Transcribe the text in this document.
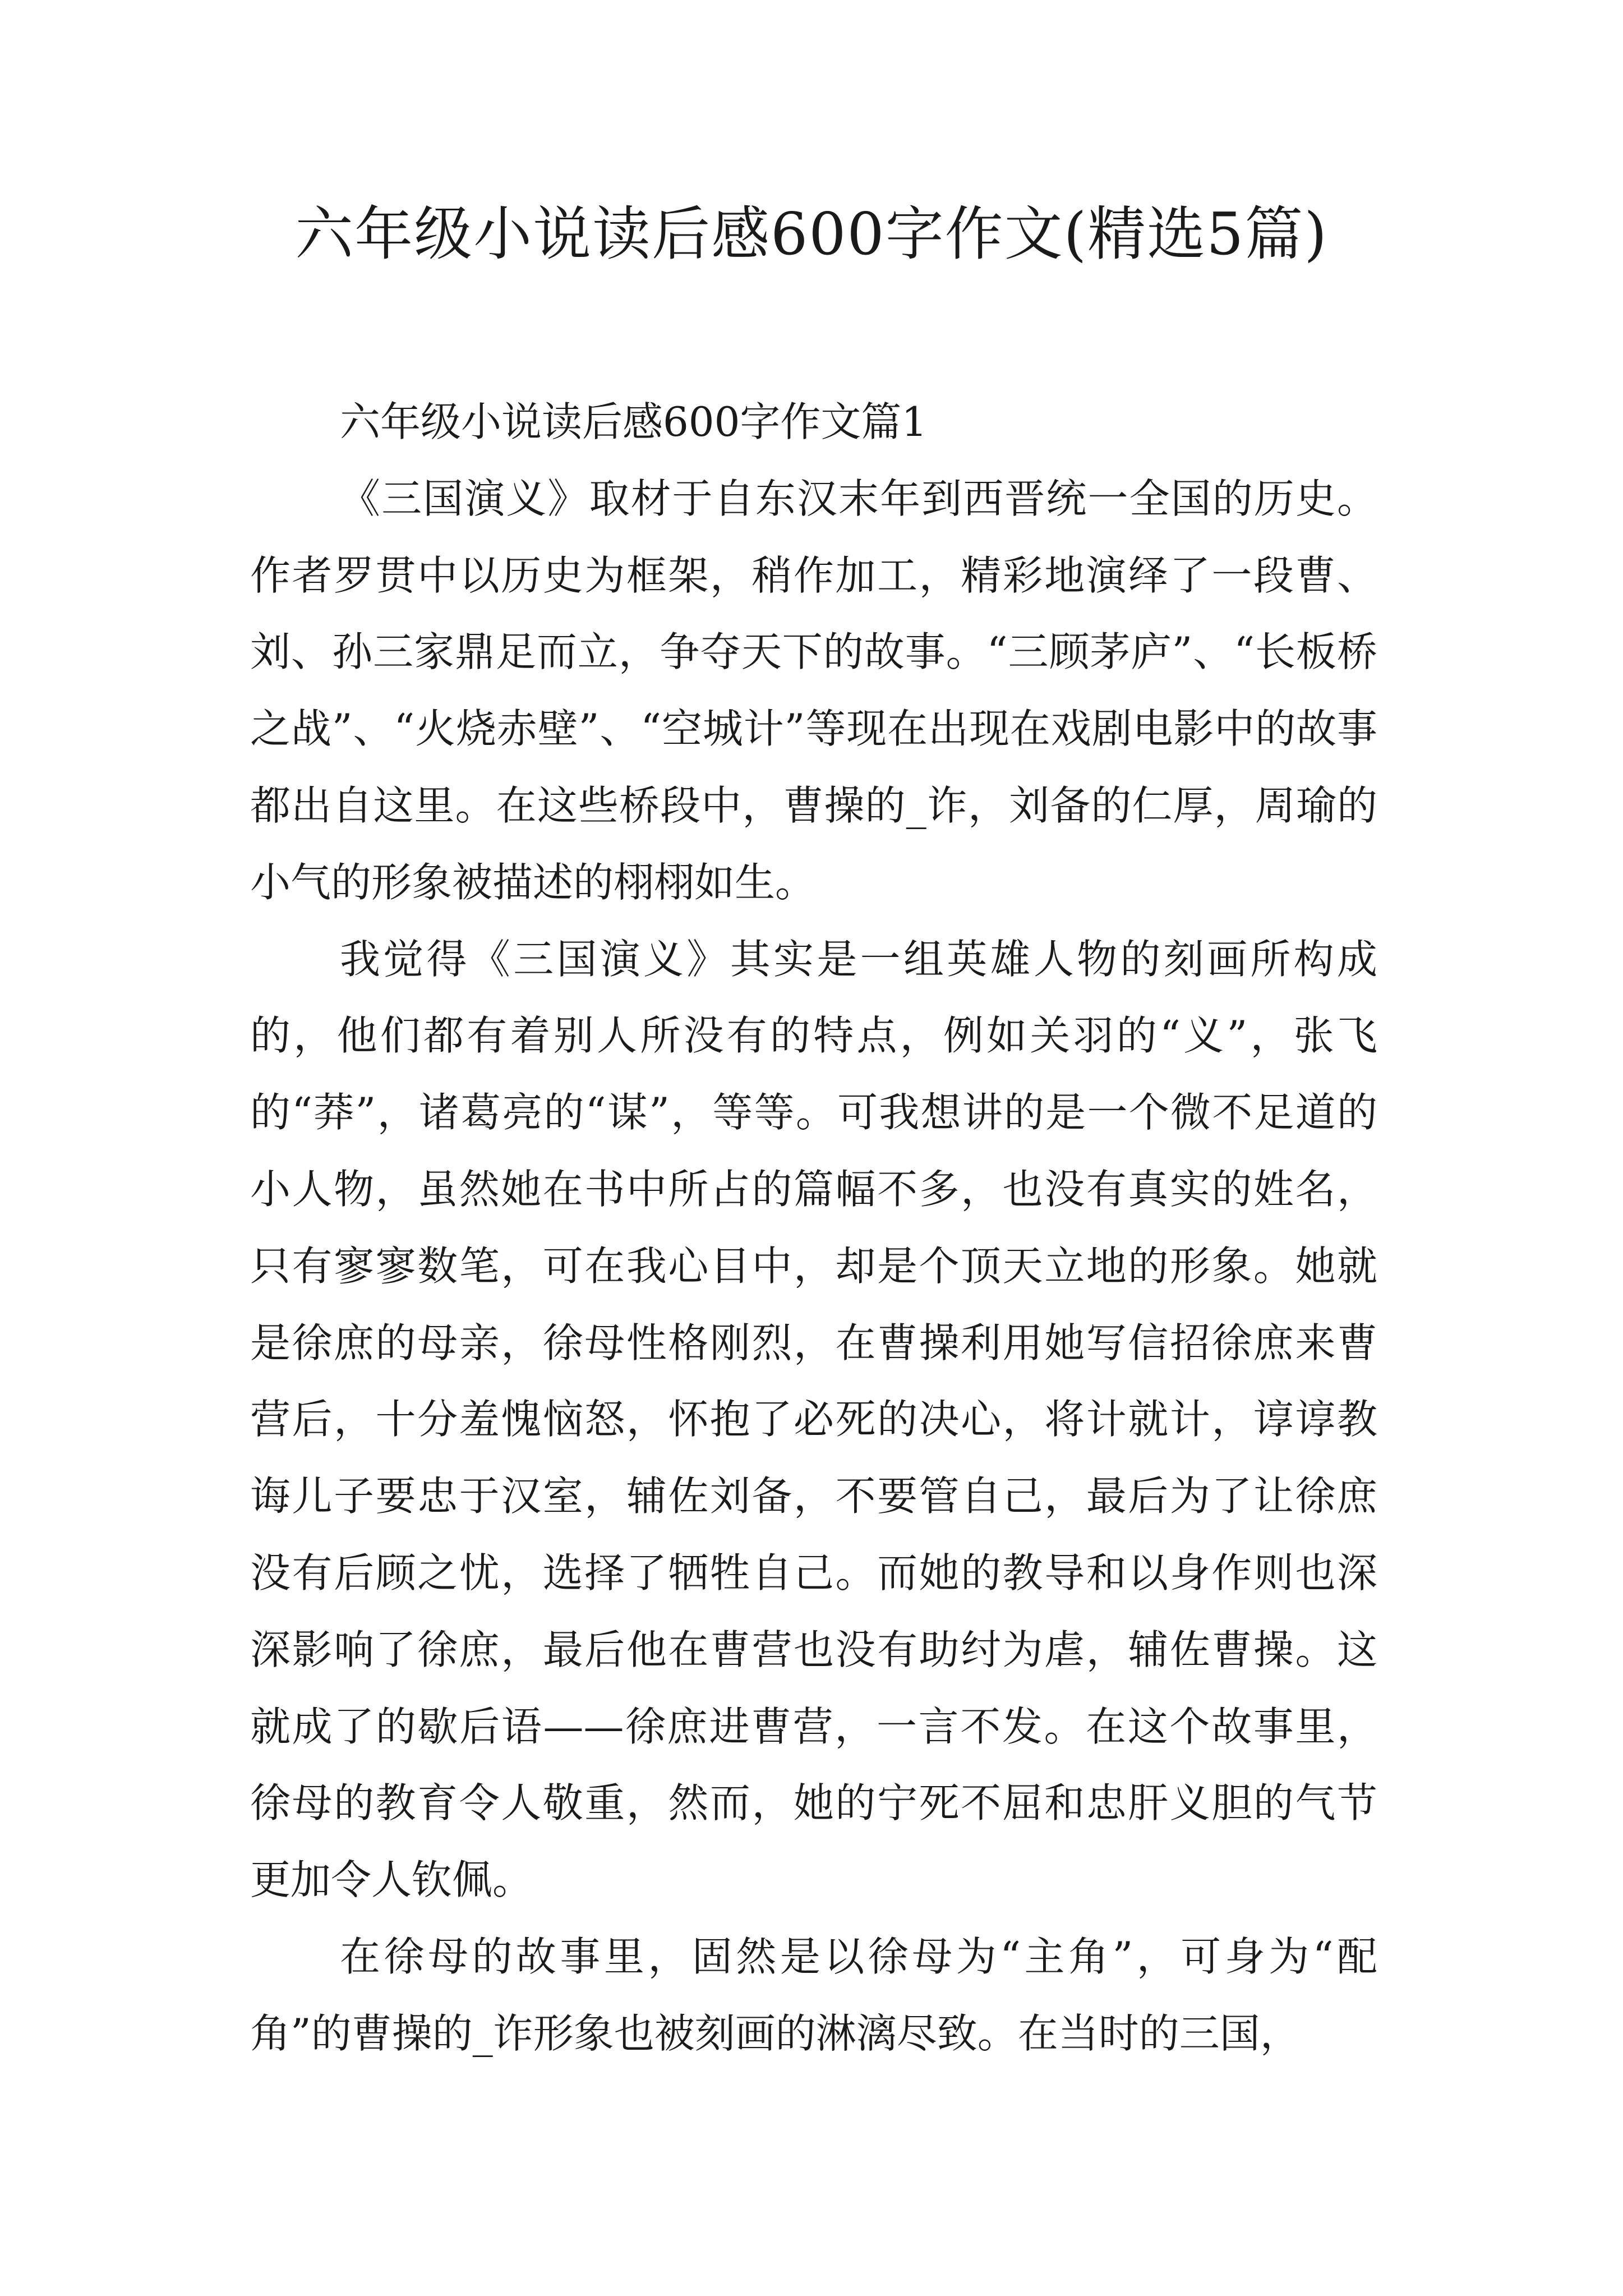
六年级小说读后感600字作文(精选5篇)

六年级小说读后感600字作文篇1

《三国演义》取材于自东汉末年到西晋统一全国的历史。作者罗贯中以历史为框架，稍作加工，精彩地演绎了一段曹、刘、孙三家鼎足而立，争夺天下的故事。“三顾茅庐”、“长板桥之战”、“火烧赤壁”、“空城计”等现在出现在戏剧电影中的故事都出自这里。在这些桥段中，曹操的_诈，刘备的仁厚，周瑜的小气的形象被描述的栩栩如生。

我觉得《三国演义》其实是一组英雄人物的刻画所构成的，他们都有着别人所没有的特点，例如关羽的“义”，张飞的“莽”，诸葛亮的“谋”，等等。可我想讲的是一个微不足道的小人物，虽然她在书中所占的篇幅不多，也没有真实的姓名，只有寥寥数笔，可在我心目中，却是个顶天立地的形象。她就是徐庶的母亲，徐母性格刚烈，在曹操利用她写信招徐庶来曹营后，十分羞愧恼怒，怀抱了必死的决心，将计就计，谆谆教诲儿子要忠于汉室，辅佐刘备，不要管自己，最后为了让徐庶没有后顾之忧，选择了牺牲自己。而她的教导和以身作则也深深影响了徐庶，最后他在曹营也没有助纣为虐，辅佐曹操。这就成了的歇后语——徐庶进曹营，一言不发。在这个故事里，徐母的教育令人敬重，然而，她的宁死不屈和忠肝义胆的气节更加令人钦佩。

在徐母的故事里，固然是以徐母为“主角”，可身为“配角”的曹操的_诈形象也被刻画的淋漓尽致。在当时的三国，
